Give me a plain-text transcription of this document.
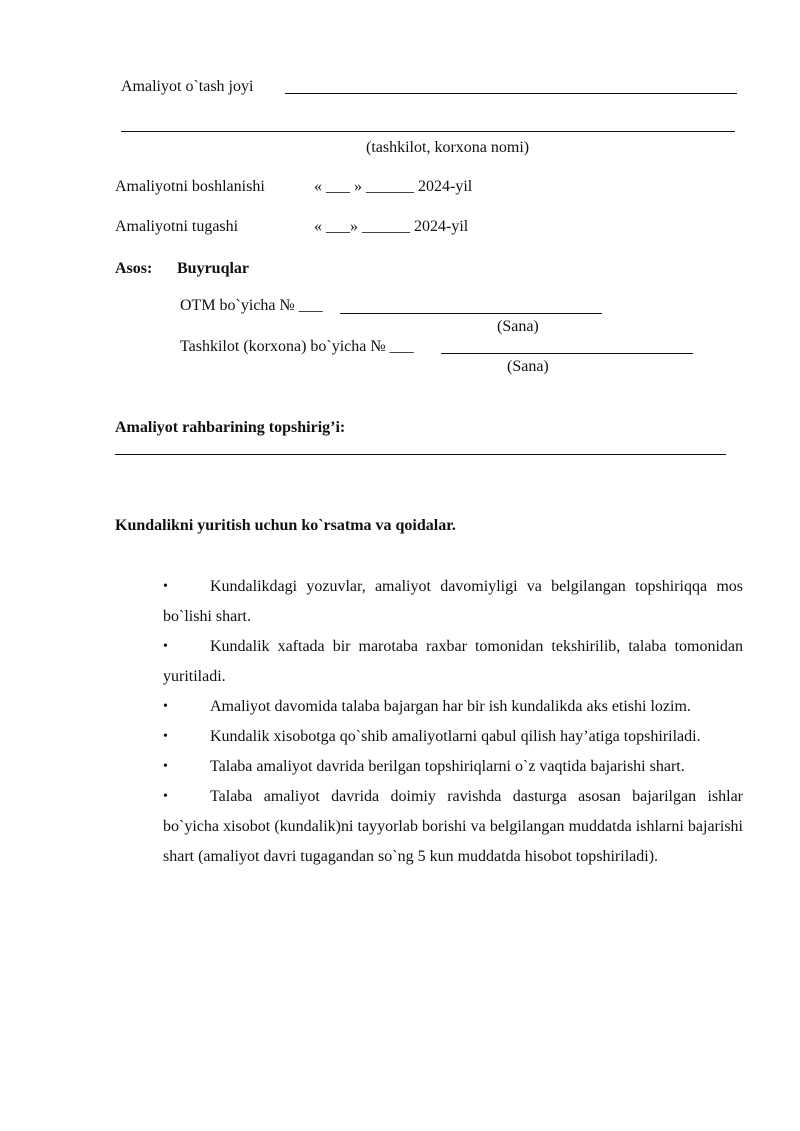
Amaliyot o`tash joyi
(tashkilot, korxona nomi)
Amaliyotni boshlanishi	« ___ » ______ 2024-yil
Amaliyotni tugashi	« ___» ______ 2024-yil
Asos: Buyruqlar
OTM bo`yicha № ___
(Sana)
Tashkilot (korxona) bo`yicha № ___
(Sana)
Amaliyot rahbarining topshirig’i:
Kundalikni yuritish uchun ko`rsatma va qoidalar.
•	Kundalikdagi yozuvlar, amaliyot davomiyligi va belgilangan topshiriqqa mos bo`lishi shart.
•	Kundalik xaftada bir marotaba raxbar tomonidan tekshirilib, talaba tomonidan yuritiladi.
•	Amaliyot davomida talaba bajargan har bir ish kundalikda aks etishi lozim.
•	Kundalik xisobotga qo`shib amaliyotlarni qabul qilish hay’atiga topshiriladi.
•	Talaba amaliyot davrida berilgan topshiriqlarni o`z vaqtida bajarishi shart.
•	Talaba amaliyot davrida doimiy ravishda dasturga asosan bajarilgan ishlar bo`yicha xisobot (kundalik)ni tayyorlab borishi va belgilangan muddatda ishlarni bajarishi shart (amaliyot davri tugagandan so`ng 5 kun muddatda hisobot topshiriladi).
